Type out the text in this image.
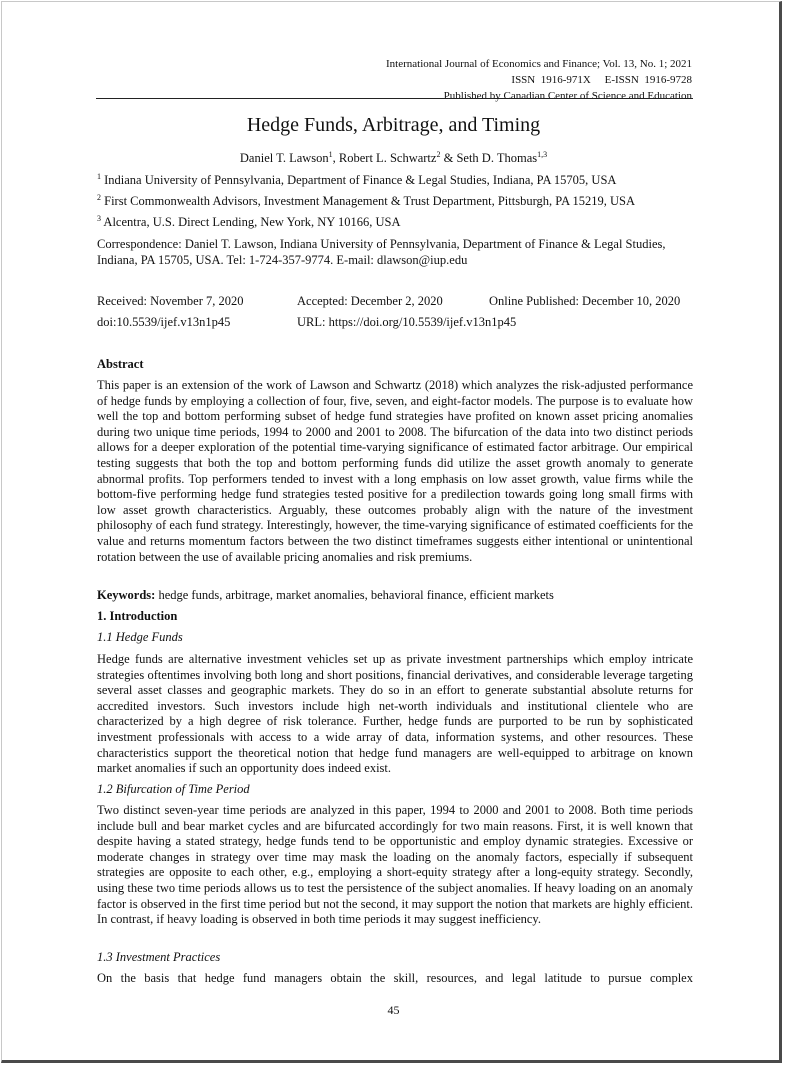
International Journal of Economics and Finance; Vol. 13, No. 1; 2021
ISSN  1916-971X     E-ISSN  1916-9728
Published by Canadian Center of Science and Education
Hedge Funds, Arbitrage, and Timing
Daniel T. Lawson$^1$, Robert L. Schwartz$^2$ & Seth D. Thomas$^{1,3}$
$^1$ Indiana University of Pennsylvania, Department of Finance & Legal Studies, Indiana, PA 15705, USA
$^2$ First Commonwealth Advisors, Investment Management & Trust Department, Pittsburgh, PA 15219, USA
$^3$ Alcentra, U.S. Direct Lending, New York, NY 10166, USA
Correspondence: Daniel T. Lawson, Indiana University of Pennsylvania, Department of Finance & Legal Studies,
Indiana, PA 15705, USA. Tel: 1-724-357-9774. E-mail: dlawson@iup.edu
Received: November 7, 2020	Accepted: December 2, 2020	Online Published: December 10, 2020
doi:10.5539/ijef.v13n1p45	URL: https://doi.org/10.5539/ijef.v13n1p45
Abstract
This paper is an extension of the work of Lawson and Schwartz (2018) which analyzes the risk-adjusted performance of hedge funds by employing a collection of four, five, seven, and eight-factor models. The purpose is to evaluate how well the top and bottom performing subset of hedge fund strategies have profited on known asset pricing anomalies during two unique time periods, 1994 to 2000 and 2001 to 2008. The bifurcation of the data into two distinct periods allows for a deeper exploration of the potential time-varying significance of estimated factor arbitrage. Our empirical testing suggests that both the top and bottom performing funds did utilize the asset growth anomaly to generate abnormal profits. Top performers tended to invest with a long emphasis on low asset growth, value firms while the bottom-five performing hedge fund strategies tested positive for a predilection towards going long small firms with low asset growth characteristics. Arguably, these outcomes probably align with the nature of the investment philosophy of each fund strategy. Interestingly, however, the time-varying significance of estimated coefficients for the value and returns momentum factors between the two distinct timeframes suggests either intentional or unintentional rotation between the use of available pricing anomalies and risk premiums.
Keywords: hedge funds, arbitrage, market anomalies, behavioral finance, efficient markets
1. Introduction
1.1 Hedge Funds
Hedge funds are alternative investment vehicles set up as private investment partnerships which employ intricate strategies oftentimes involving both long and short positions, financial derivatives, and considerable leverage targeting several asset classes and geographic markets. They do so in an effort to generate substantial absolute returns for accredited investors. Such investors include high net-worth individuals and institutional clientele who are characterized by a high degree of risk tolerance. Further, hedge funds are purported to be run by sophisticated investment professionals with access to a wide array of data, information systems, and other resources. These characteristics support the theoretical notion that hedge fund managers are well-equipped to arbitrage on known market anomalies if such an opportunity does indeed exist.
1.2 Bifurcation of Time Period
Two distinct seven-year time periods are analyzed in this paper, 1994 to 2000 and 2001 to 2008. Both time periods include bull and bear market cycles and are bifurcated accordingly for two main reasons. First, it is well known that despite having a stated strategy, hedge funds tend to be opportunistic and employ dynamic strategies. Excessive or moderate changes in strategy over time may mask the loading on the anomaly factors, especially if subsequent strategies are opposite to each other, e.g., employing a short-equity strategy after a long-equity strategy. Secondly, using these two time periods allows us to test the persistence of the subject anomalies. If heavy loading on an anomaly factor is observed in the first time period but not the second, it may support the notion that markets are highly efficient. In contrast, if heavy loading is observed in both time periods it may suggest inefficiency.
1.3 Investment Practices
On the basis that hedge fund managers obtain the skill, resources, and legal latitude to pursue complex
45
